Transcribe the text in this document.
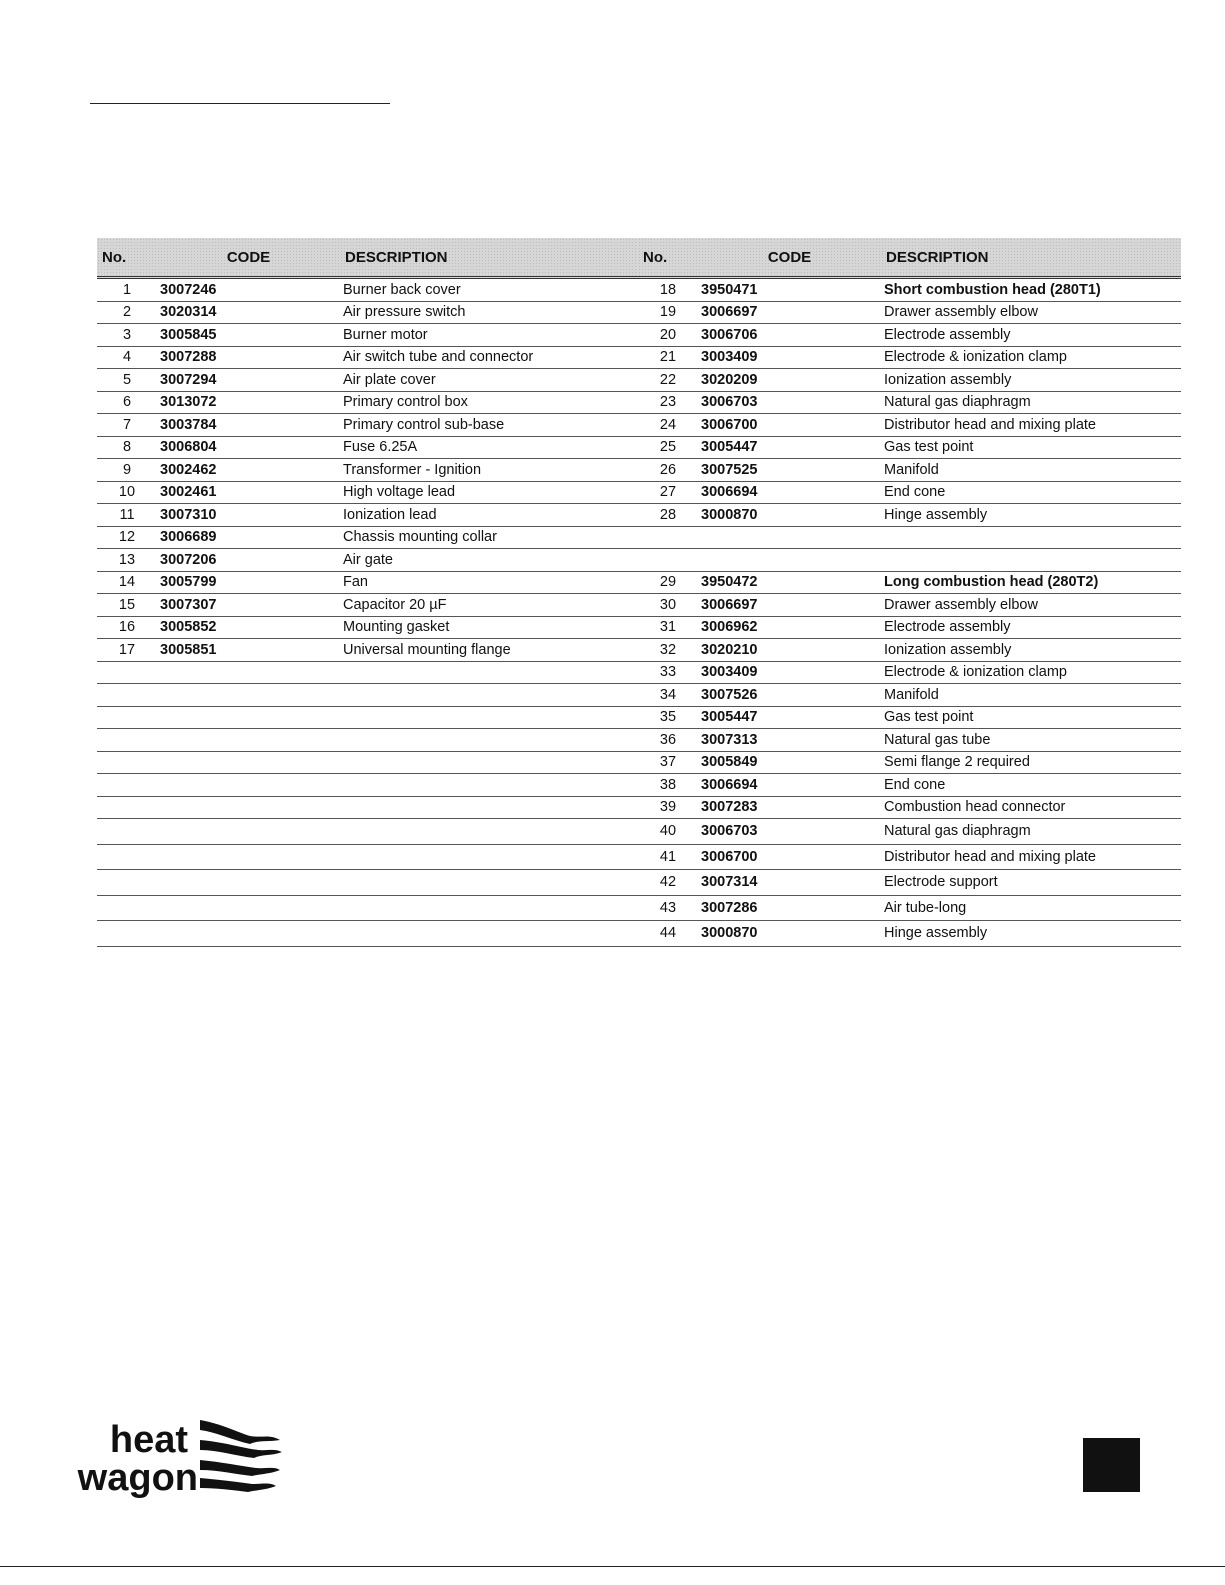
No.	CODE	DESCRIPTION	No.	CODE	DESCRIPTION
1	3007246	Burner back cover	18	3950471	Short combustion head (280T1)
2	3020314	Air pressure switch	19	3006697	Drawer assembly elbow
3	3005845	Burner motor	20	3006706	Electrode assembly
4	3007288	Air switch tube and connector	21	3003409	Electrode & ionization clamp
5	3007294	Air plate cover	22	3020209	Ionization assembly
6	3013072	Primary control box	23	3006703	Natural gas diaphragm
7	3003784	Primary control sub-base	24	3006700	Distributor head and mixing plate
8	3006804	Fuse 6.25A	25	3005447	Gas test point
9	3002462	Transformer - Ignition	26	3007525	Manifold
10	3002461	High voltage lead	27	3006694	End cone
11	3007310	Ionization lead	28	3000870	Hinge assembly
12	3006689	Chassis mounting collar			
13	3007206	Air gate			
14	3005799	Fan	29	3950472	Long combustion head (280T2)
15	3007307	Capacitor 20 µF	30	3006697	Drawer assembly elbow
16	3005852	Mounting gasket	31	3006962	Electrode assembly
17	3005851	Universal mounting flange	32	3020210	Ionization assembly
			33	3003409	Electrode & ionization clamp
			34	3007526	Manifold
			35	3005447	Gas test point
			36	3007313	Natural gas tube
			37	3005849	Semi flange 2 required
			38	3006694	End cone
			39	3007283	Combustion head connector
			40	3006703	Natural gas diaphragm
			41	3006700	Distributor head and mixing plate
			42	3007314	Electrode support
			43	3007286	Air tube-long
			44	3000870	Hinge assembly
heat
wagon
